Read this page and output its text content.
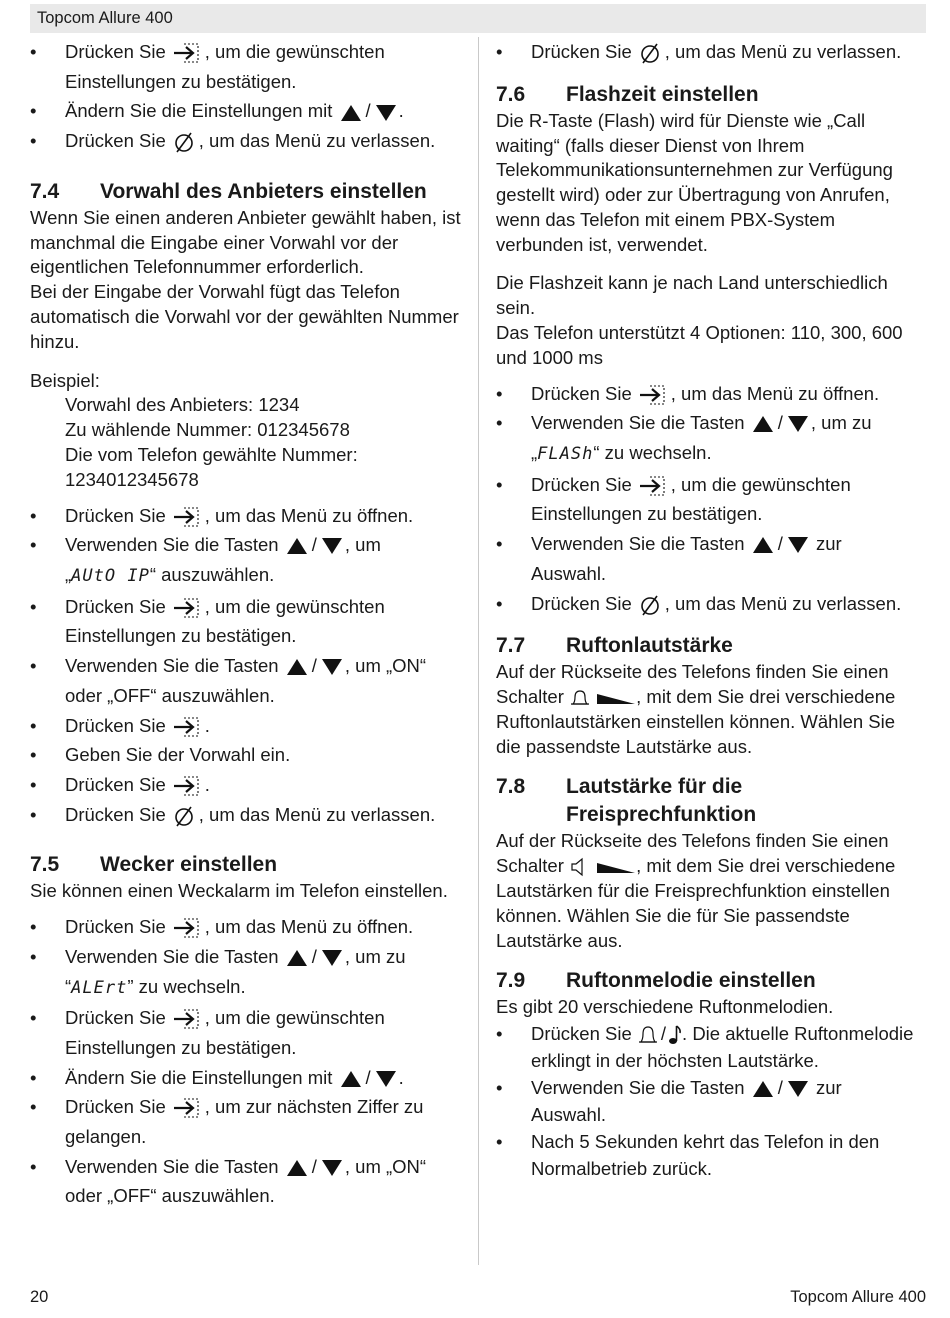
Topcom Allure 400
• Drücken Sie , um die gewünschten Einstellungen zu bestätigen.
• Ändern Sie die Einstellungen mit / .
• Drücken Sie , um das Menü zu verlassen.
7.4	Vorwahl des Anbieters einstellen
Wenn Sie einen anderen Anbieter gewählt haben, ist manchmal die Eingabe einer Vorwahl vor der eigentlichen Telefonnummer erforderlich.
Bei der Eingabe der Vorwahl fügt das Telefon automatisch die Vorwahl vor der gewählten Nummer hinzu.
Beispiel:
Vorwahl des Anbieters: 1234
Zu wählende Nummer: 012345678
Die vom Telefon gewählte Nummer:
1234012345678
• Drücken Sie , um das Menü zu öffnen.
• Verwenden Sie die Tasten / , um
„AUtO IP“ auszuwählen.
• Drücken Sie , um die gewünschten Einstellungen zu bestätigen.
• Verwenden Sie die Tasten / , um „ON“ oder „OFF“ auszuwählen.
• Drücken Sie .
• Geben Sie der Vorwahl ein.
• Drücken Sie .
• Drücken Sie , um das Menü zu verlassen.
7.5	Wecker einstellen
Sie können einen Weckalarm im Telefon einstellen.
• Drücken Sie , um das Menü zu öffnen.
• Verwenden Sie die Tasten / , um zu
“ALErt” zu wechseln.
• Drücken Sie , um die gewünschten Einstellungen zu bestätigen.
• Ändern Sie die Einstellungen mit / .
• Drücken Sie , um zur nächsten Ziffer zu gelangen.
• Verwenden Sie die Tasten / , um „ON“ oder „OFF“ auszuwählen.
• Drücken Sie , um das Menü zu verlassen.
7.6	Flashzeit einstellen
Die R-Taste (Flash) wird für Dienste wie „Call waiting“ (falls dieser Dienst von Ihrem Telekommunikationsunternehmen zur Verfügung gestellt wird) oder zur Übertragung von Anrufen, wenn das Telefon mit einem PBX-System verbunden ist, verwendet.
Die Flashzeit kann je nach Land unterschiedlich sein.
Das Telefon unterstützt 4 Optionen: 110, 300, 600 und 1000 ms
• Drücken Sie , um das Menü zu öffnen.
• Verwenden Sie die Tasten / , um zu
„FLASh“ zu wechseln.
• Drücken Sie , um die gewünschten Einstellungen zu bestätigen.
• Verwenden Sie die Tasten /
zur Auswahl.
• Drücken Sie , um das Menü zu verlassen.
7.7	Ruftonlautstärke
Auf der Rückseite des Telefons finden Sie einen Schalter
	, mit dem Sie drei verschiedene Ruftonlautstärken einstellen können. Wählen Sie die passendste Lautstärke aus.
7.8	Lautstärke für die
Freisprechfunktion
Auf der Rückseite des Telefons finden Sie einen Schalter
	, mit dem Sie drei verschiedene Lautstärken für die Freisprechfunktion einstellen können. Wählen Sie die für Sie passendste Lautstärke aus.
7.9	Ruftonmelodie einstellen
Es gibt 20 verschiedene Ruftonmelodien.
• Drücken Sie / . Die aktuelle Ruftonmelodie erklingt in der höchsten Lautstärke.
• Verwenden Sie die Tasten /
zur Auswahl.
• Nach 5 Sekunden kehrt das Telefon in den Normalbetrieb zurück.
20	Topcom Allure 400
